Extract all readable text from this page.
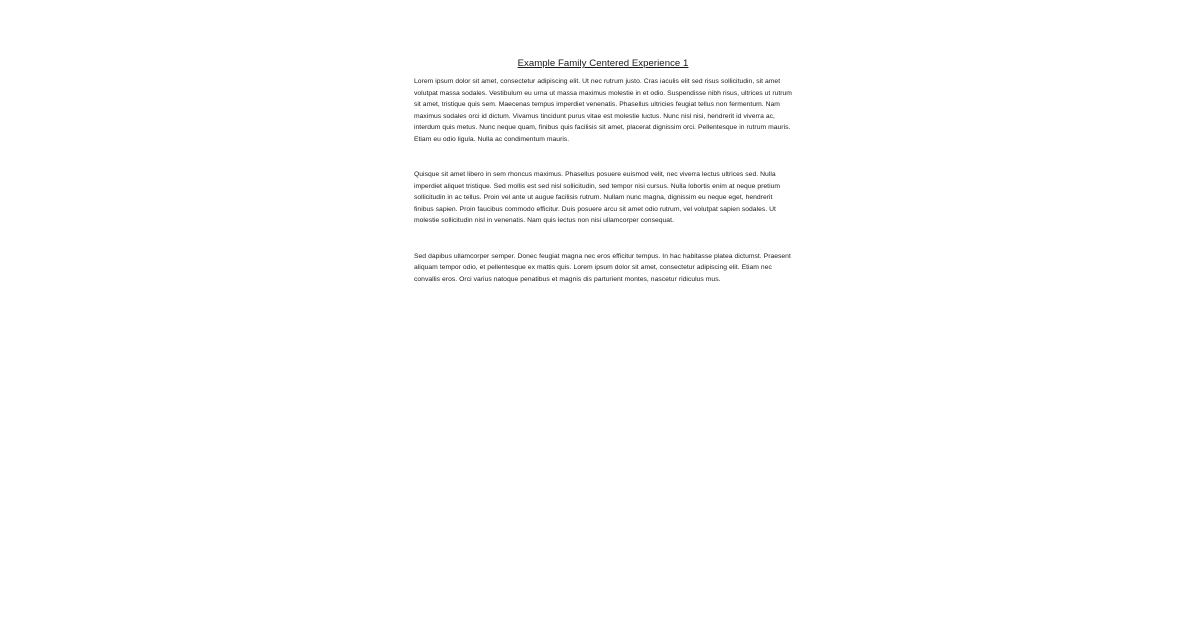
Example Family Centered Experience 1

Lorem ipsum dolor sit amet, consectetur adipiscing elit. Ut nec rutrum justo. Cras iaculis elit sed risus sollicitudin, sit amet volutpat massa sodales. Vestibulum eu urna ut massa maximus molestie in et odio. Suspendisse nibh risus, ultrices ut rutrum sit amet, tristique quis sem. Maecenas tempus imperdiet venenatis. Phasellus ultricies feugiat tellus non fermentum. Nam maximus sodales orci id dictum. Vivamus tincidunt purus vitae est molestie luctus. Nunc nisl nisi, hendrerit id viverra ac, interdum quis metus. Nunc neque quam, finibus quis facilisis sit amet, placerat dignissim orci. Pellentesque in rutrum mauris. Etiam eu odio ligula. Nulla ac condimentum mauris.

Quisque sit amet libero in sem rhoncus maximus. Phasellus posuere euismod velit, nec viverra lectus ultrices sed. Nulla imperdiet aliquet tristique. Sed mollis est sed nisl sollicitudin, sed tempor nisi cursus. Nulla lobortis enim at neque pretium sollicitudin in ac tellus. Proin vel ante ut augue facilisis rutrum. Nullam nunc magna, dignissim eu neque eget, hendrerit finibus sapien. Proin faucibus commodo efficitur. Duis posuere arcu sit amet odio rutrum, vel volutpat sapien sodales. Ut molestie sollicitudin nisl in venenatis. Nam quis lectus non nisi ullamcorper consequat.

Sed dapibus ullamcorper semper. Donec feugiat magna nec eros efficitur tempus. In hac habitasse platea dictumst. Praesent aliquam tempor odio, et pellentesque ex mattis quis. Lorem ipsum dolor sit amet, consectetur adipiscing elit. Etiam nec convallis eros. Orci varius natoque penatibus et magnis dis parturient montes, nascetur ridiculus mus.
